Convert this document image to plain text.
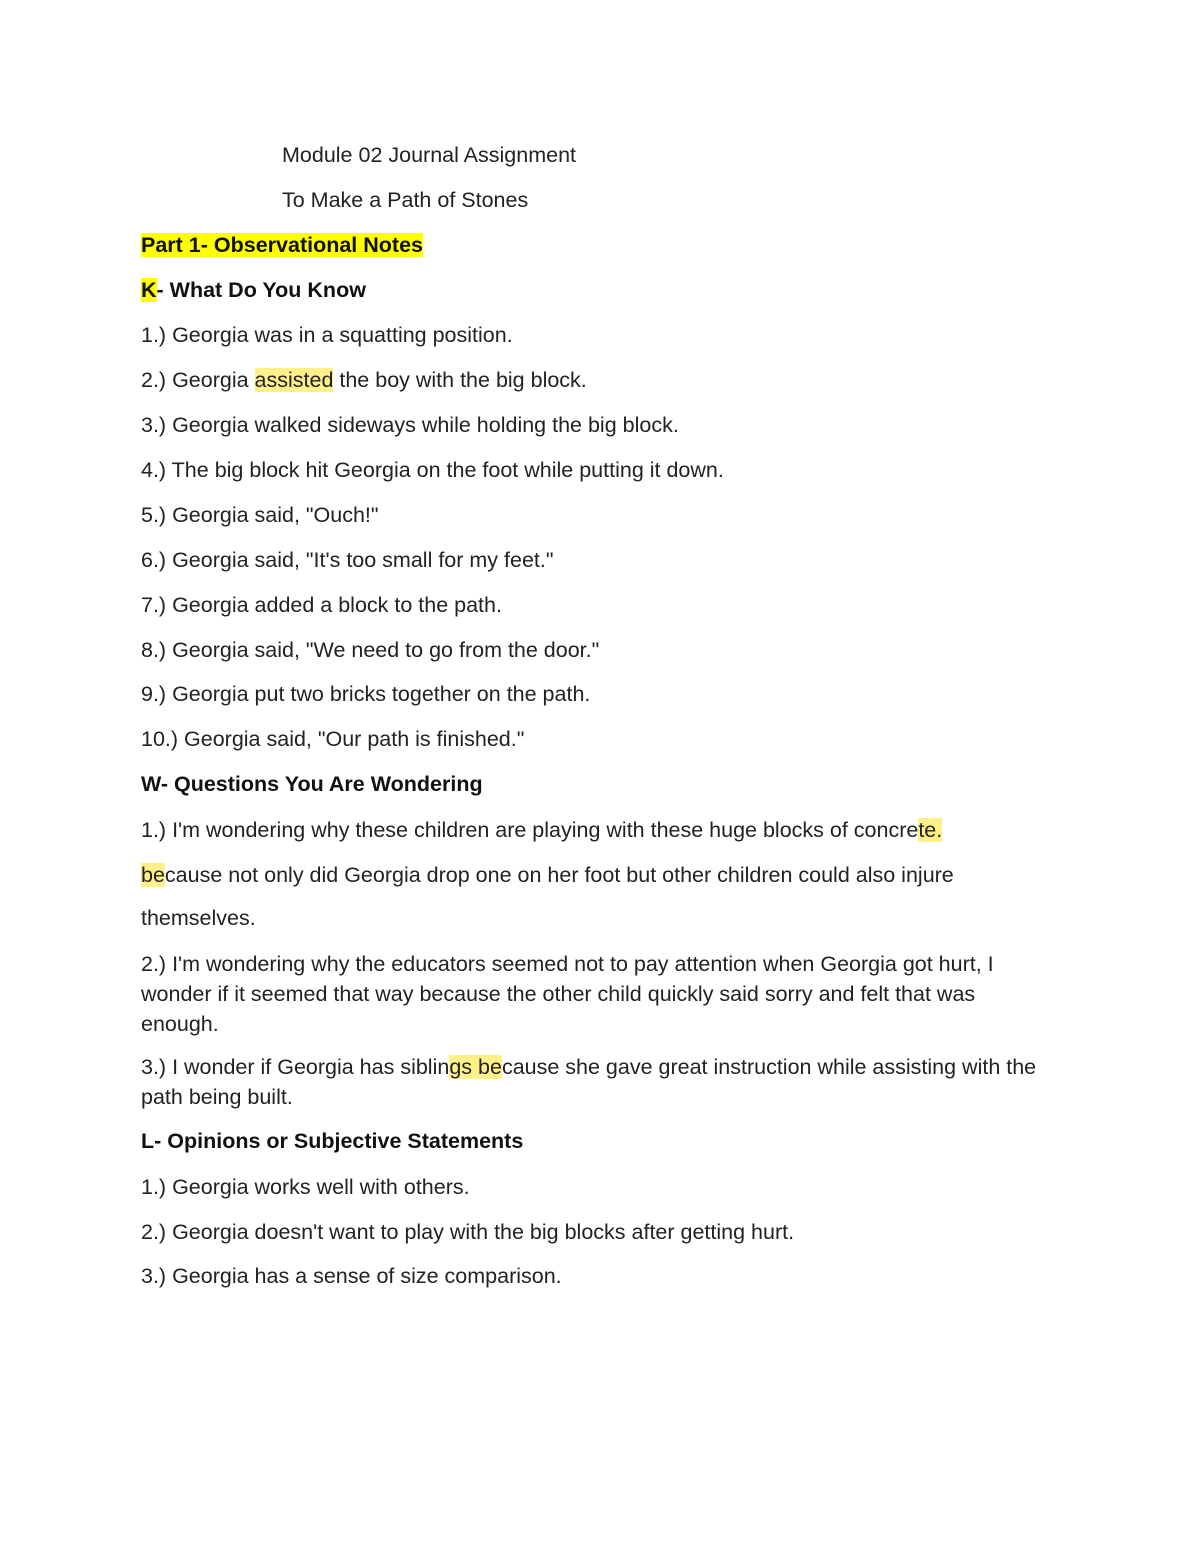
Module 02 Journal Assignment
To Make a Path of Stones
Part 1- Observational Notes
K- What Do You Know
1.) Georgia was in a squatting position.
2.) Georgia assisted the boy with the big block.
3.) Georgia walked sideways while holding the big block.
4.) The big block hit Georgia on the foot while putting it down.
5.) Georgia said, "Ouch!"
6.) Georgia said, "It's too small for my feet."
7.) Georgia added a block to the path.
8.) Georgia said, "We need to go from the door."
9.) Georgia put two bricks together on the path.
10.) Georgia said, "Our path is finished."
W- Questions You Are Wondering
1.) I'm wondering why these children are playing with these huge blocks of concrete.
because not only did Georgia drop one on her foot but other children could also injure
themselves.
2.) I'm wondering why the educators seemed not to pay attention when Georgia got hurt, I wonder if it seemed that way because the other child quickly said sorry and felt that was enough.
3.) I wonder if Georgia has siblings because she gave great instruction while assisting with the path being built.
L- Opinions or Subjective Statements
1.) Georgia works well with others.
2.) Georgia doesn't want to play with the big blocks after getting hurt.
3.) Georgia has a sense of size comparison.
